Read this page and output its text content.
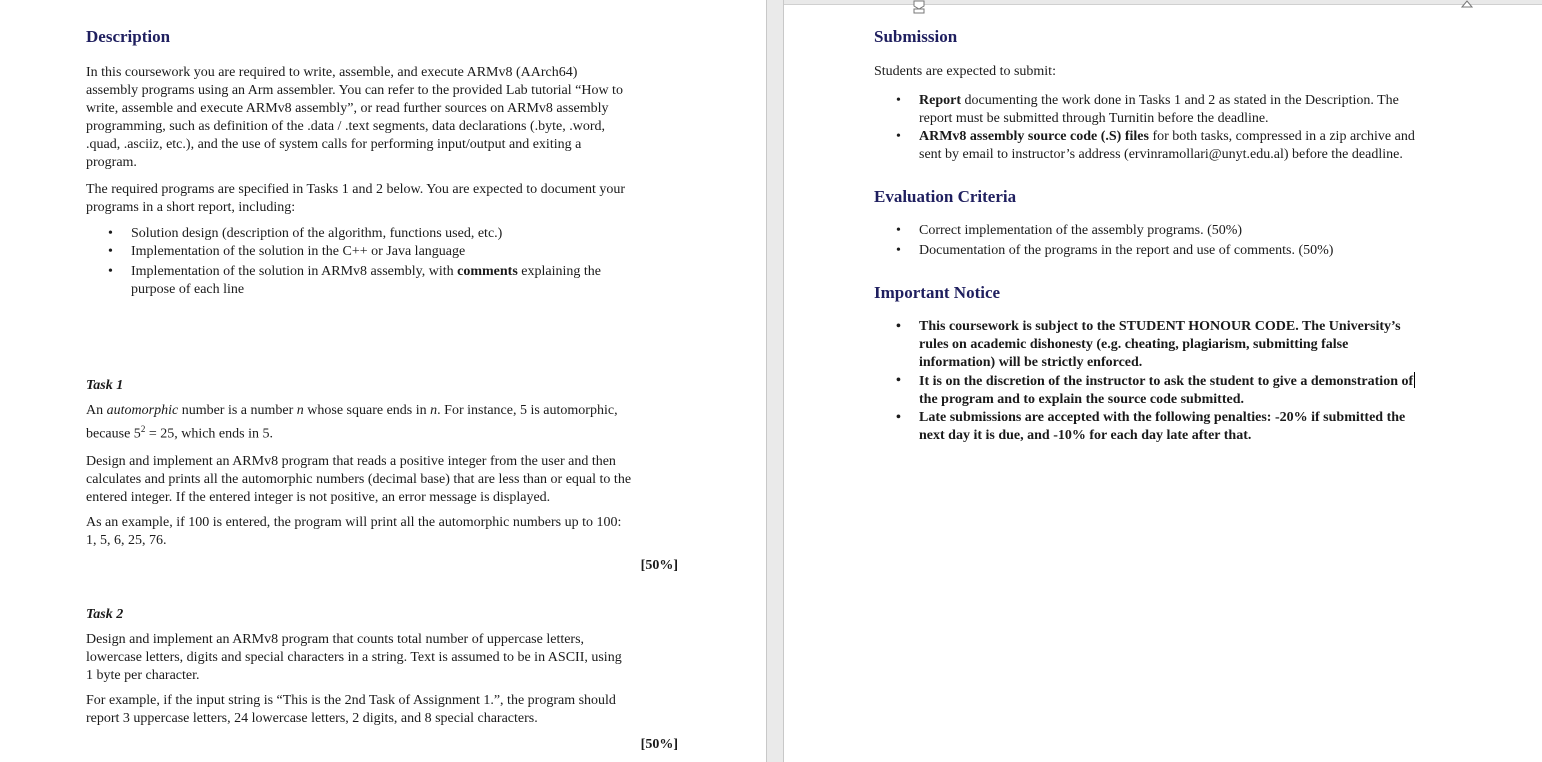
Description

In this coursework you are required to write, assemble, and execute ARMv8 (AArch64)
assembly programs using an Arm assembler. You can refer to the provided Lab tutorial “How to
write, assemble and execute ARMv8 assembly”, or read further sources on ARMv8 assembly
programming, such as definition of the .data / .text segments, data declarations (.byte, .word,
.quad, .asciiz, etc.), and the use of system calls for performing input/output and exiting a
program.

The required programs are specified in Tasks 1 and 2 below. You are expected to document your
programs in a short report, including:

• Solution design (description of the algorithm, functions used, etc.)
• Implementation of the solution in the C++ or Java language
• Implementation of the solution in ARMv8 assembly, with comments explaining the
purpose of each line
Task 1

An automorphic number is a number n whose square ends in n. For instance, 5 is automorphic,
because $5^2 = 25$, which ends in 5.

Design and implement an ARMv8 program that reads a positive integer from the user and then
calculates and prints all the automorphic numbers (decimal base) that are less than or equal to the
entered integer. If the entered integer is not positive, an error message is displayed.

As an example, if 100 is entered, the program will print all the automorphic numbers up to 100:
1, 5, 6, 25, 76.

[50%]
Task 2

Design and implement an ARMv8 program that counts total number of uppercase letters,
lowercase letters, digits and special characters in a string. Text is assumed to be in ASCII, using
1 byte per character.

For example, if the input string is “This is the 2nd Task of Assignment 1.”, the program should
report 3 uppercase letters, 24 lowercase letters, 2 digits, and 8 special characters.

[50%]
Submission

Students are expected to submit:

• Report documenting the work done in Tasks 1 and 2 as stated in the Description. The
report must be submitted through Turnitin before the deadline.
• ARMv8 assembly source code (.S) files for both tasks, compressed in a zip archive and
sent by email to instructor’s address (ervinramollari@unyt.edu.al) before the deadline.
Evaluation Criteria
• Correct implementation of the assembly programs. (50%)
• Documentation of the programs in the report and use of comments. (50%)
Important Notice
• This coursework is subject to the STUDENT HONOUR CODE. The University’s
rules on academic dishonesty (e.g. cheating, plagiarism, submitting false
information) will be strictly enforced.
• It is on the discretion of the instructor to ask the student to give a demonstration of
the program and to explain the source code submitted.
• Late submissions are accepted with the following penalties: -20% if submitted the
next day it is due, and -10% for each day late after that.
